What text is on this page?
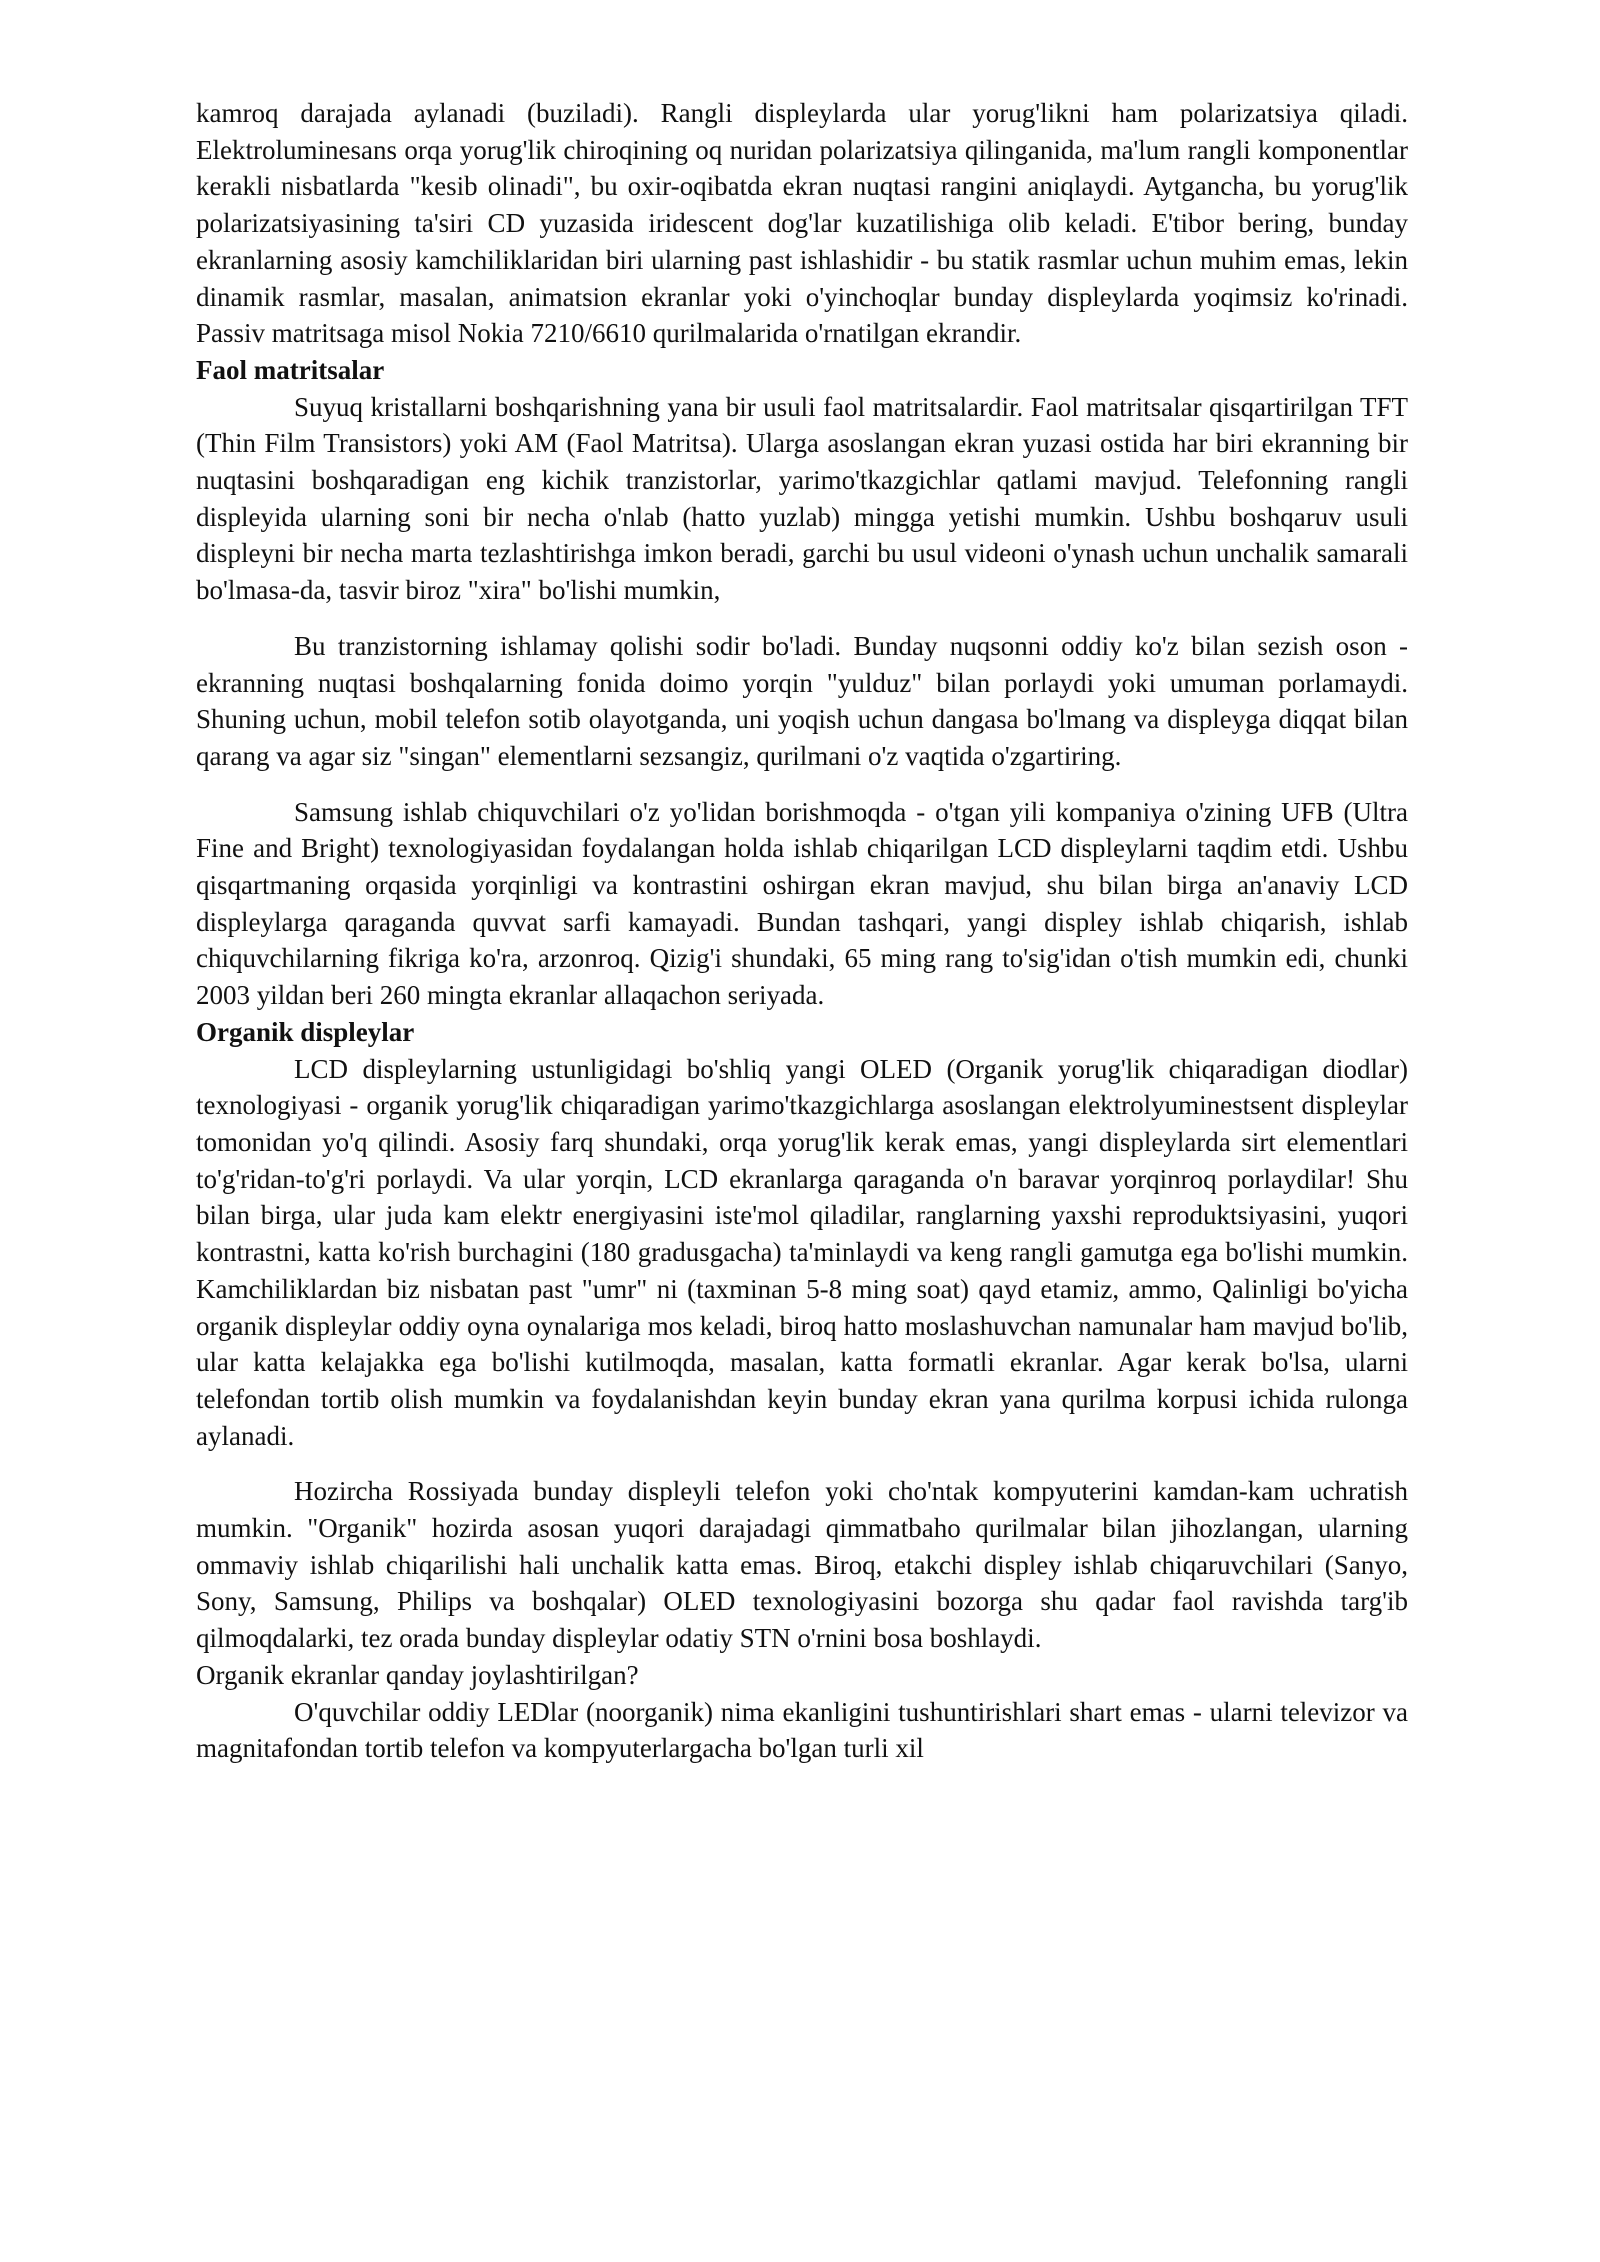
kamroq darajada aylanadi (buziladi). Rangli displeylarda ular yorug'likni ham polarizatsiya qiladi. Elektroluminesans orqa yorug'lik chiroqining oq nuridan polarizatsiya qilinganida, ma'lum rangli komponentlar kerakli nisbatlarda "kesib olinadi", bu oxir-oqibatda ekran nuqtasi rangini aniqlaydi. Aytgancha, bu yorug'lik polarizatsiyasining ta'siri CD yuzasida iridescent dog'lar kuzatilishiga olib keladi. E'tibor bering, bunday ekranlarning asosiy kamchiliklaridan biri ularning past ishlashidir - bu statik rasmlar uchun muhim emas, lekin dinamik rasmlar, masalan, animatsion ekranlar yoki o'yinchoqlar bunday displeylarda yoqimsiz ko'rinadi. Passiv matritsaga misol Nokia 7210/6610 qurilmalarida o'rnatilgan ekrandir.

Faol matritsalar

Suyuq kristallarni boshqarishning yana bir usuli faol matritsalardir. Faol matritsalar qisqartirilgan TFT (Thin Film Transistors) yoki AM (Faol Matritsa). Ularga asoslangan ekran yuzasi ostida har biri ekranning bir nuqtasini boshqaradigan eng kichik tranzistorlar, yarimo'tkazgichlar qatlami mavjud. Telefonning rangli displeyida ularning soni bir necha o'nlab (hatto yuzlab) mingga yetishi mumkin. Ushbu boshqaruv usuli displeyni bir necha marta tezlashtirishga imkon beradi, garchi bu usul videoni o'ynash uchun unchalik samarali bo'lmasa-da, tasvir biroz "xira" bo'lishi mumkin,

Bu tranzistorning ishlamay qolishi sodir bo'ladi. Bunday nuqsonni oddiy ko'z bilan sezish oson - ekranning nuqtasi boshqalarning fonida doimo yorqin "yulduz" bilan porlaydi yoki umuman porlamaydi. Shuning uchun, mobil telefon sotib olayotganda, uni yoqish uchun dangasa bo'lmang va displeyga diqqat bilan qarang va agar siz "singan" elementlarni sezsangiz, qurilmani o'z vaqtida o'zgartiring.

Samsung ishlab chiquvchilari o'z yo'lidan borishmoqda - o'tgan yili kompaniya o'zining UFB (Ultra Fine and Bright) texnologiyasidan foydalangan holda ishlab chiqarilgan LCD displeylarni taqdim etdi. Ushbu qisqartmaning orqasida yorqinligi va kontrastini oshirgan ekran mavjud, shu bilan birga an'anaviy LCD displeylarga qaraganda quvvat sarfi kamayadi. Bundan tashqari, yangi displey ishlab chiqarish, ishlab chiquvchilarning fikriga ko'ra, arzonroq. Qizig'i shundaki, 65 ming rang to'sig'idan o'tish mumkin edi, chunki 2003 yildan beri 260 mingta ekranlar allaqachon seriyada.

Organik displeylar

LCD displeylarning ustunligidagi bo'shliq yangi OLED (Organik yorug'lik chiqaradigan diodlar) texnologiyasi - organik yorug'lik chiqaradigan yarimo'tkazgichlarga asoslangan elektrolyuminestsent displeylar tomonidan yo'q qilindi. Asosiy farq shundaki, orqa yorug'lik kerak emas, yangi displeylarda sirt elementlari to'g'ridan-to'g'ri porlaydi. Va ular yorqin, LCD ekranlarga qaraganda o'n baravar yorqinroq porlaydilar! Shu bilan birga, ular juda kam elektr energiyasini iste'mol qiladilar, ranglarning yaxshi reproduktsiyasini, yuqori kontrastni, katta ko'rish burchagini (180 gradusgacha) ta'minlaydi va keng rangli gamutga ega bo'lishi mumkin. Kamchiliklardan biz nisbatan past "umr" ni (taxminan 5-8 ming soat) qayd etamiz, ammo, Qalinligi bo'yicha organik displeylar oddiy oyna oynalariga mos keladi, biroq hatto moslashuvchan namunalar ham mavjud bo'lib, ular katta kelajakka ega bo'lishi kutilmoqda, masalan, katta formatli ekranlar. Agar kerak bo'lsa, ularni telefondan tortib olish mumkin va foydalanishdan keyin bunday ekran yana qurilma korpusi ichida rulonga aylanadi.

Hozircha Rossiyada bunday displeyli telefon yoki cho'ntak kompyuterini kamdan-kam uchratish mumkin. "Organik" hozirda asosan yuqori darajadagi qimmatbaho qurilmalar bilan jihozlangan, ularning ommaviy ishlab chiqarilishi hali unchalik katta emas. Biroq, etakchi displey ishlab chiqaruvchilari (Sanyo, Sony, Samsung, Philips va boshqalar) OLED texnologiyasini bozorga shu qadar faol ravishda targ'ib qilmoqdalarki, tez orada bunday displeylar odatiy STN o'rnini bosa boshlaydi.

Organik ekranlar qanday joylashtirilgan?

O'quvchilar oddiy LEDlar (noorganik) nima ekanligini tushuntirishlari shart emas - ularni televizor va magnitafondan tortib telefon va kompyuterlargacha bo'lgan turli xil
